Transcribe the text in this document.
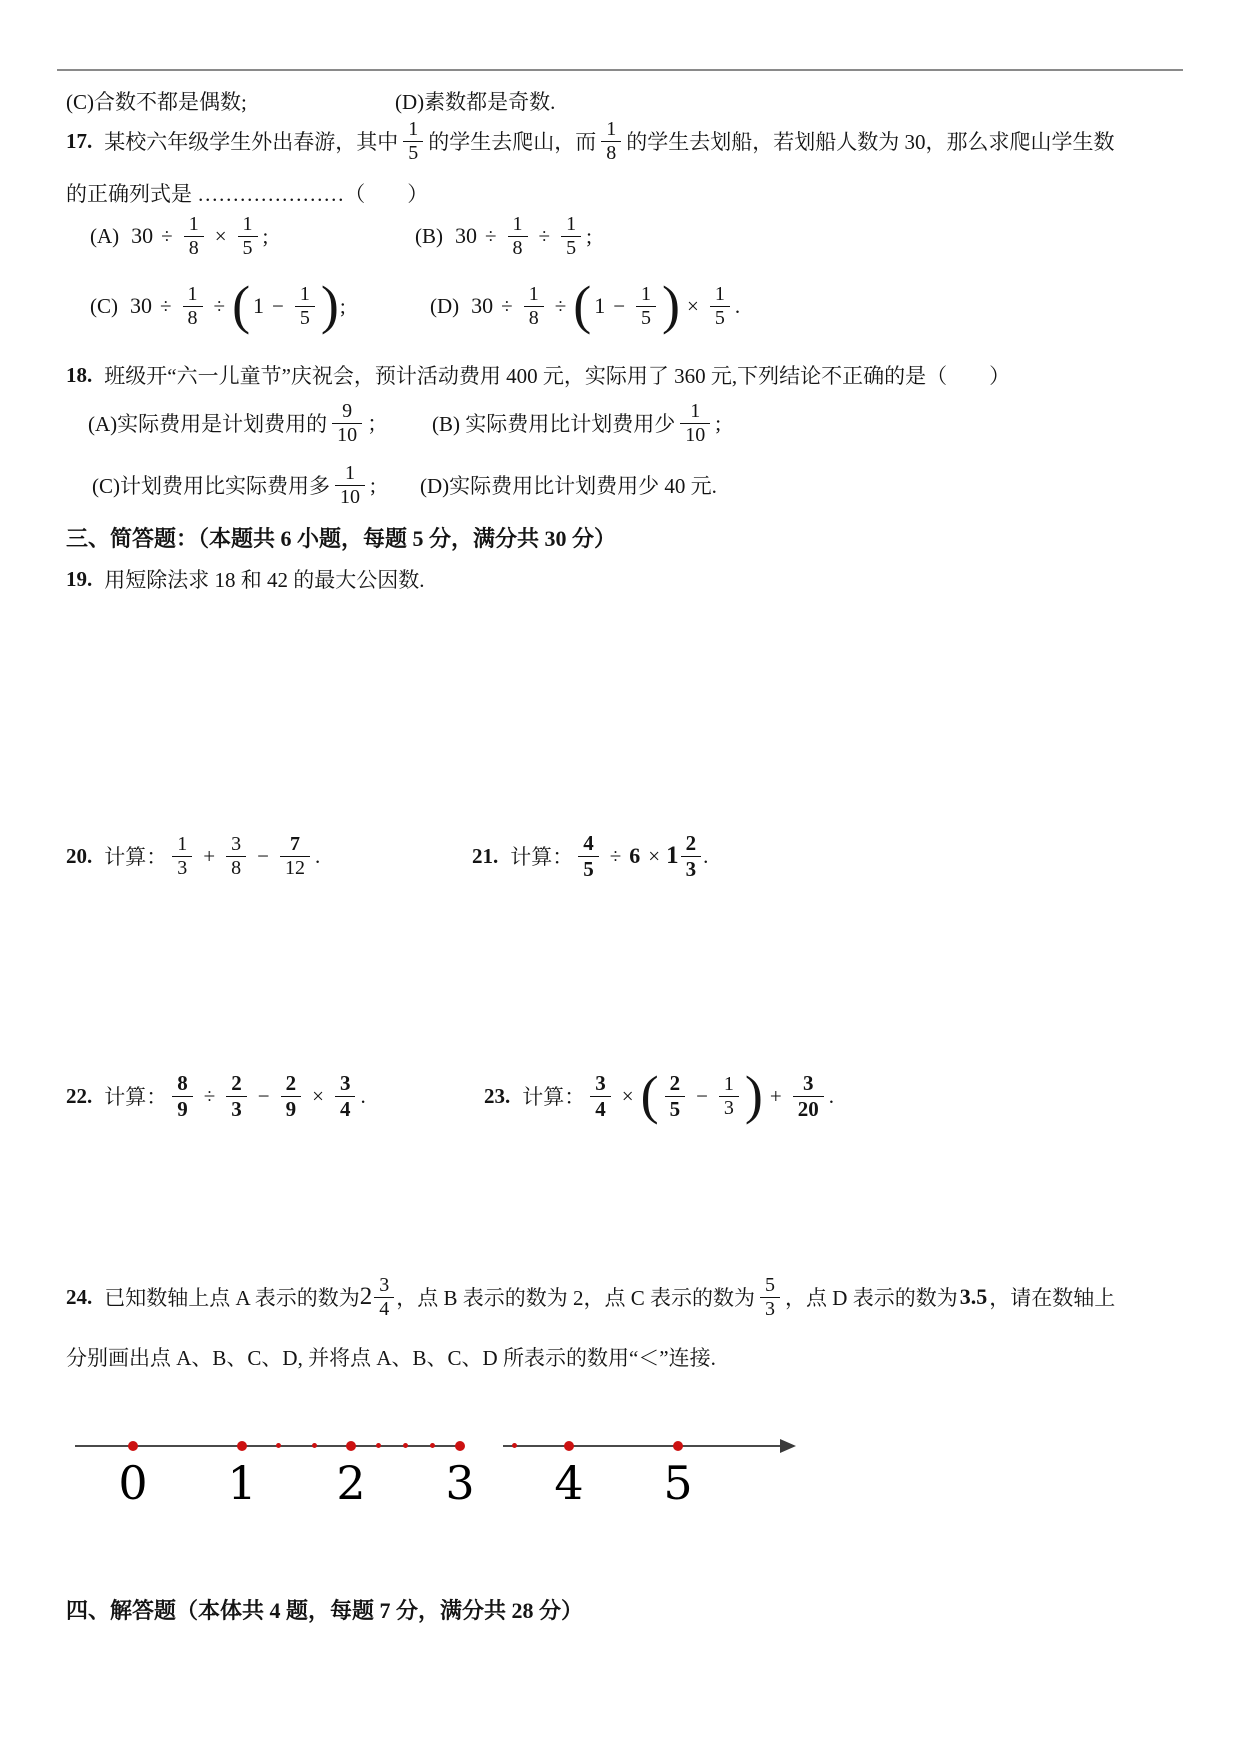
(C)合数不都是偶数;	(D)素数都是奇数.
17. 某校六年级学生外出春游，其中 $\frac{1}{5}$ 的学生去爬山，而 $\frac{1}{8}$ 的学生去划船，若划船人数为 30，那么求爬山学生数
的正确列式是 …………………（　　）
(A) $30 \div \frac{1}{8} \times \frac{1}{5}$ ;	(B) $30 \div \frac{1}{8} \div \frac{1}{5}$ ;
(C) $30 \div \frac{1}{8}$ ÷ ( $1 - \frac{1}{5}$ ) ;	(D) $30 \div \frac{1}{8}$ ÷ ( $1 - \frac{1}{5}$ ) × $\frac{1}{5}$ .
18. 班级开“六一儿童节”庆祝会，预计活动费用 400 元，实际用了 360 元,下列结论不正确的是（　　）
(A)实际费用是计划费用的 $\frac{9}{10}$ ； (B) 实际费用比计划费用少 $\frac{1}{10}$ ;
(C)计划费用比实际费用多 $\frac{1}{10}$ ; (D)实际费用比计划费用少 40 元.
三、简答题：（本题共 6 小题，每题 5 分，满分共 30 分）
19. 用短除法求 18 和 42 的最大公因数.
20. 计算： $\frac{1}{3} + \frac{3}{8} - \frac{7}{12}$ .	21. 计算： $\frac{4}{5} \div 6 \times 1 \frac{2}{3}$ .
22. 计算： $\frac{8}{9} \div \frac{2}{3} - \frac{2}{9} \times \frac{3}{4}$ .	23. 计算： $\frac{3}{4}$ × ( $\frac{2}{5} - \frac{1}{3}$ ) + $\frac{3}{20}$ .
24. 已知数轴上点 A 表示的数为 $2 \frac{3}{4}$ ，点 B 表示的数为 2，点 C 表示的数为 $\frac{5}{3}$ ，点 D 表示的数为 3.5 ，请在数轴上
分别画出点 A、B、C、D, 并将点 A、B、C、D 所表示的数用“＜”连接.
0	1	2	3	4	5
四、解答题（本体共 4 题，每题 7 分，满分共 28 分）
